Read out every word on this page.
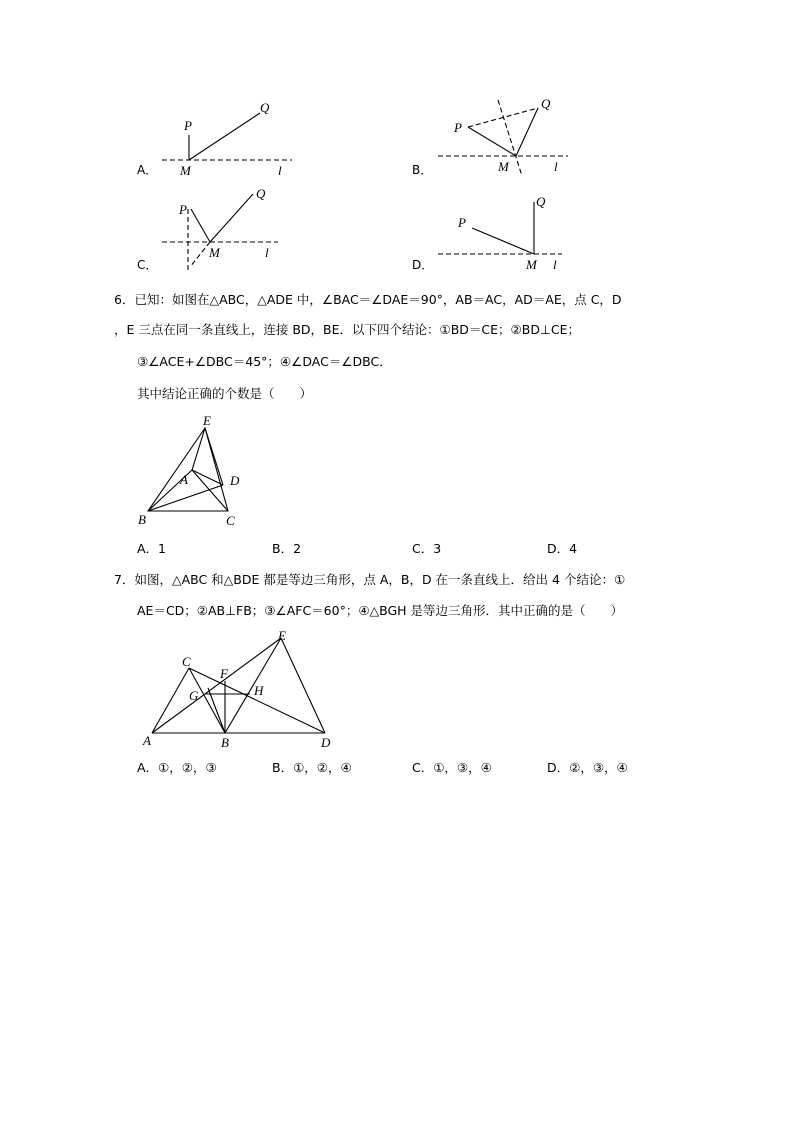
P
Q
M	l
A．
P
Q
M	l
B．
P
Q
M	l
C．
P
Q
M l
D．
6．已知：如图在△ABC，△ADE 中，∠BAC＝∠DAE＝90°，AB＝AC，AD＝AE，点 C，D
，E 三点在同一条直线上，连接 BD，BE．以下四个结论：①BD＝CE；②BD⊥CE；
③∠ACE+∠DBC＝45°；④∠DAC＝∠DBC．
其中结论正确的个数是（　　）
E
A	D
B	C
A．1	B．2	C．3	D．4
7．如图，△ABC 和△BDE 都是等边三角形，点 A，B，D 在一条直线上．给出 4 个结论：①
AE＝CD；②AB⊥FB；③∠AFC＝60°；④△BGH 是等边三角形．其中正确的是（　　）
C
F
E
G	H
A	B	D
A．①，②，③	B．①，②，④	C．①，③，④	D．②，③，④
